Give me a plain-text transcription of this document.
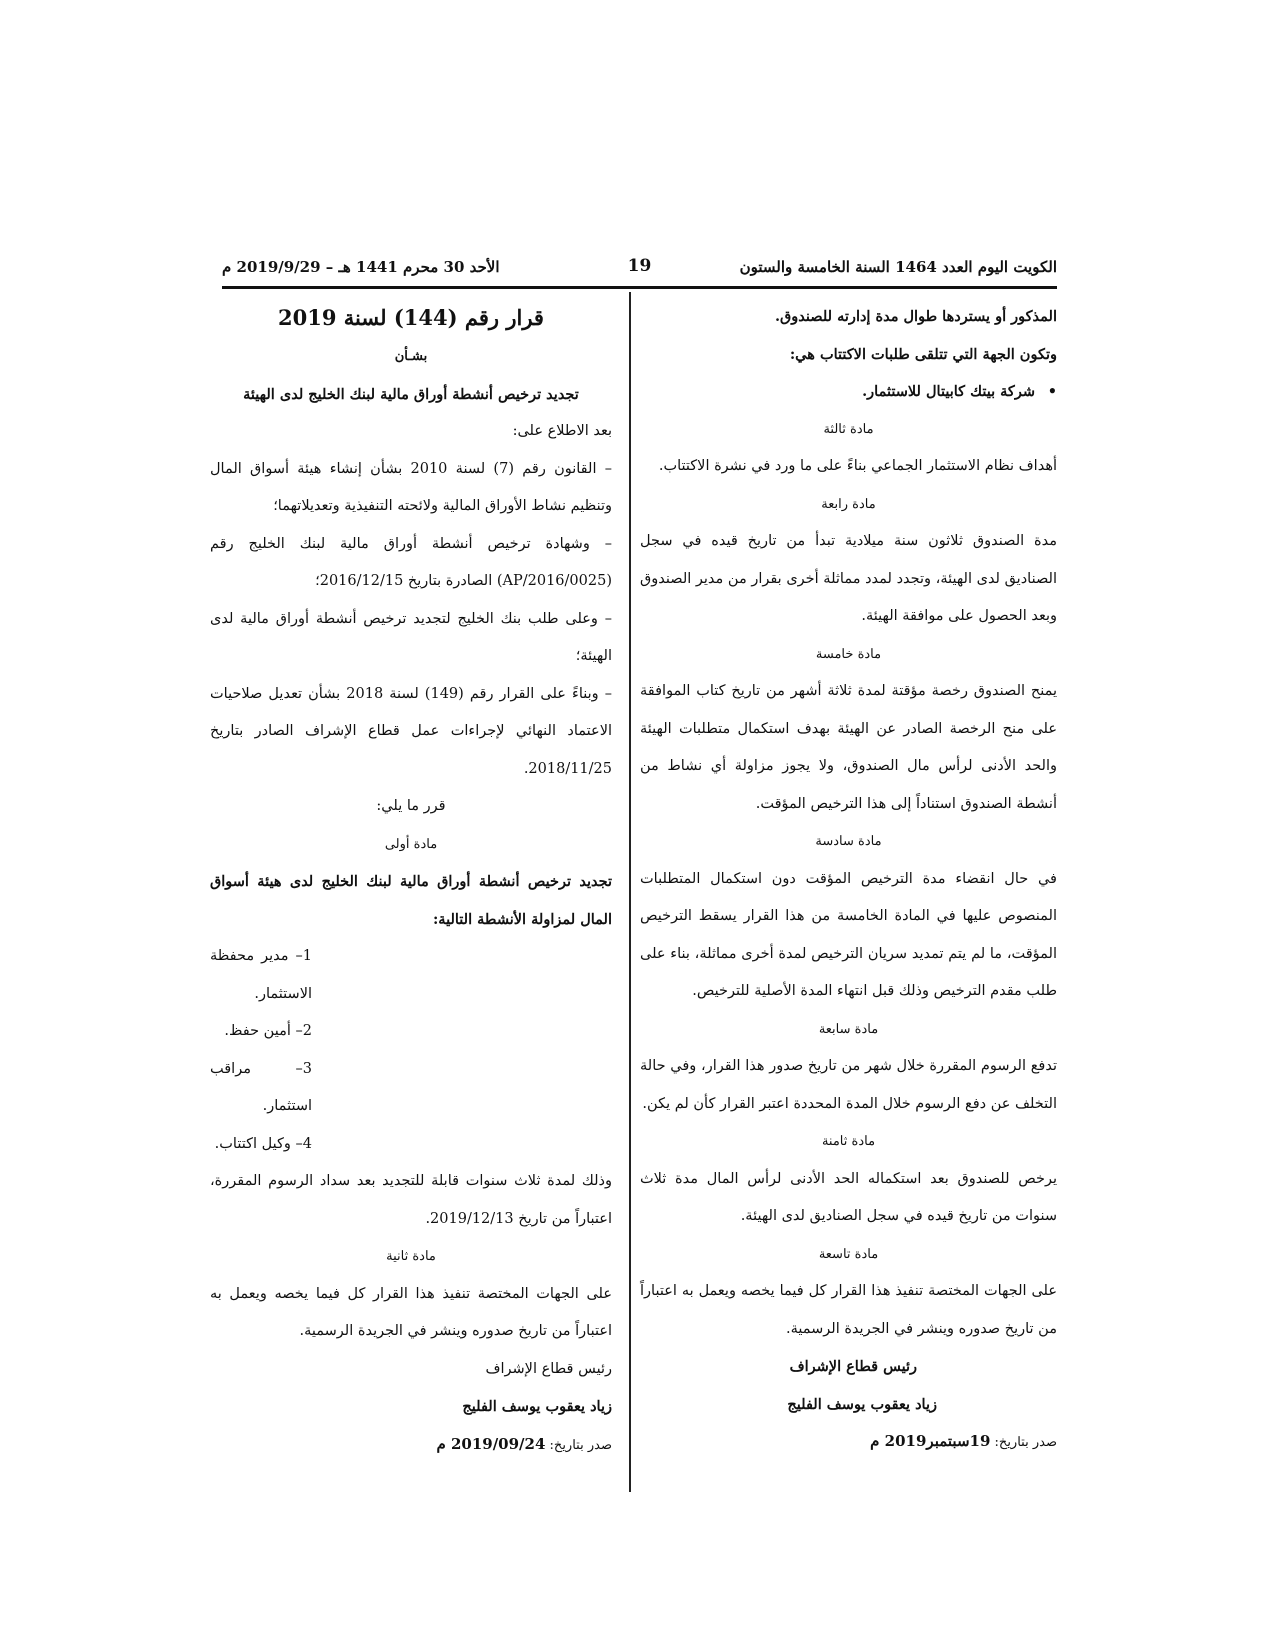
الكويت اليوم العدد 1464 السنة الخامسة والستون
19
الأحد 30 محرم 1441 هـ – 2019/9/29 م

المذكور أو يستردها طوال مدة إدارته للصندوق.

وتكون الجهة التي تتلقى طلبات الاكتتاب هي:

• شركة بيتك كابيتال للاستثمار.

مادة ثالثة

أهداف نظام الاستثمار الجماعي بناءً على ما ورد في نشرة الاكتتاب.

مادة رابعة

مدة الصندوق ثلاثون سنة ميلادية تبدأ من تاريخ قيده في سجل الصناديق لدى الهيئة، وتجدد لمدد مماثلة أخرى بقرار من مدير الصندوق وبعد الحصول على موافقة الهيئة.

مادة خامسة

يمنح الصندوق رخصة مؤقتة لمدة ثلاثة أشهر من تاريخ كتاب الموافقة على منح الرخصة الصادر عن الهيئة بهدف استكمال متطلبات الهيئة والحد الأدنى لرأس مال الصندوق، ولا يجوز مزاولة أي نشاط من أنشطة الصندوق استناداً إلى هذا الترخيص المؤقت.

مادة سادسة

في حال انقضاء مدة الترخيص المؤقت دون استكمال المتطلبات المنصوص عليها في المادة الخامسة من هذا القرار يسقط الترخيص المؤقت، ما لم يتم تمديد سريان الترخيص لمدة أخرى مماثلة، بناء على طلب مقدم الترخيص وذلك قبل انتهاء المدة الأصلية للترخيص.

مادة سابعة

تدفع الرسوم المقررة خلال شهر من تاريخ صدور هذا القرار، وفي حالة التخلف عن دفع الرسوم خلال المدة المحددة اعتبر القرار كأن لم يكن.

مادة ثامنة

يرخص للصندوق بعد استكماله الحد الأدنى لرأس المال مدة ثلاث سنوات من تاريخ قيده في سجل الصناديق لدى الهيئة.

مادة تاسعة

على الجهات المختصة تنفيذ هذا القرار كل فيما يخصه ويعمل به اعتباراً من تاريخ صدوره وينشر في الجريدة الرسمية.

رئيس قطاع الإشراف

زياد يعقوب يوسف الفليج

صدر بتاريخ: 19سبتمبر2019 م

قرار رقم (144) لسنة 2019

بشـأن

تجديد ترخيص أنشطة أوراق مالية لبنك الخليج لدى الهيئة

بعد الاطلاع على:

– القانون رقم (7) لسنة 2010 بشأن إنشاء هيئة أسواق المال وتنظيم نشاط الأوراق المالية ولائحته التنفيذية وتعديلاتهما؛

– وشهادة ترخيص أنشطة أوراق مالية لبنك الخليج رقم (AP/2016/0025) الصادرة بتاريخ 2016/12/15؛

– وعلى طلب بنك الخليج لتجديد ترخيص أنشطة أوراق مالية لدى الهيئة؛

– وبناءً على القرار رقم (149) لسنة 2018 بشأن تعديل صلاحيات الاعتماد النهائي لإجراءات عمل قطاع الإشراف الصادر بتاريخ 2018/11/25.

قرر ما يلي:

مادة أولى

تجديد ترخيص أنشطة أوراق مالية لبنك الخليج لدى هيئة أسواق المال لمزاولة الأنشطة التالية:

1– مدير محفظة الاستثمار.

2– أمين حفظ.

3– مراقب استثمار.

4– وكيل اكتتاب.

وذلك لمدة ثلاث سنوات قابلة للتجديد بعد سداد الرسوم المقررة، اعتباراً من تاريخ 2019/12/13.

مادة ثانية

على الجهات المختصة تنفيذ هذا القرار كل فيما يخصه ويعمل به اعتباراً من تاريخ صدوره وينشر في الجريدة الرسمية.

رئيس قطاع الإشراف

زياد يعقوب يوسف الفليج

صدر بتاريخ: 2019/09/24 م
